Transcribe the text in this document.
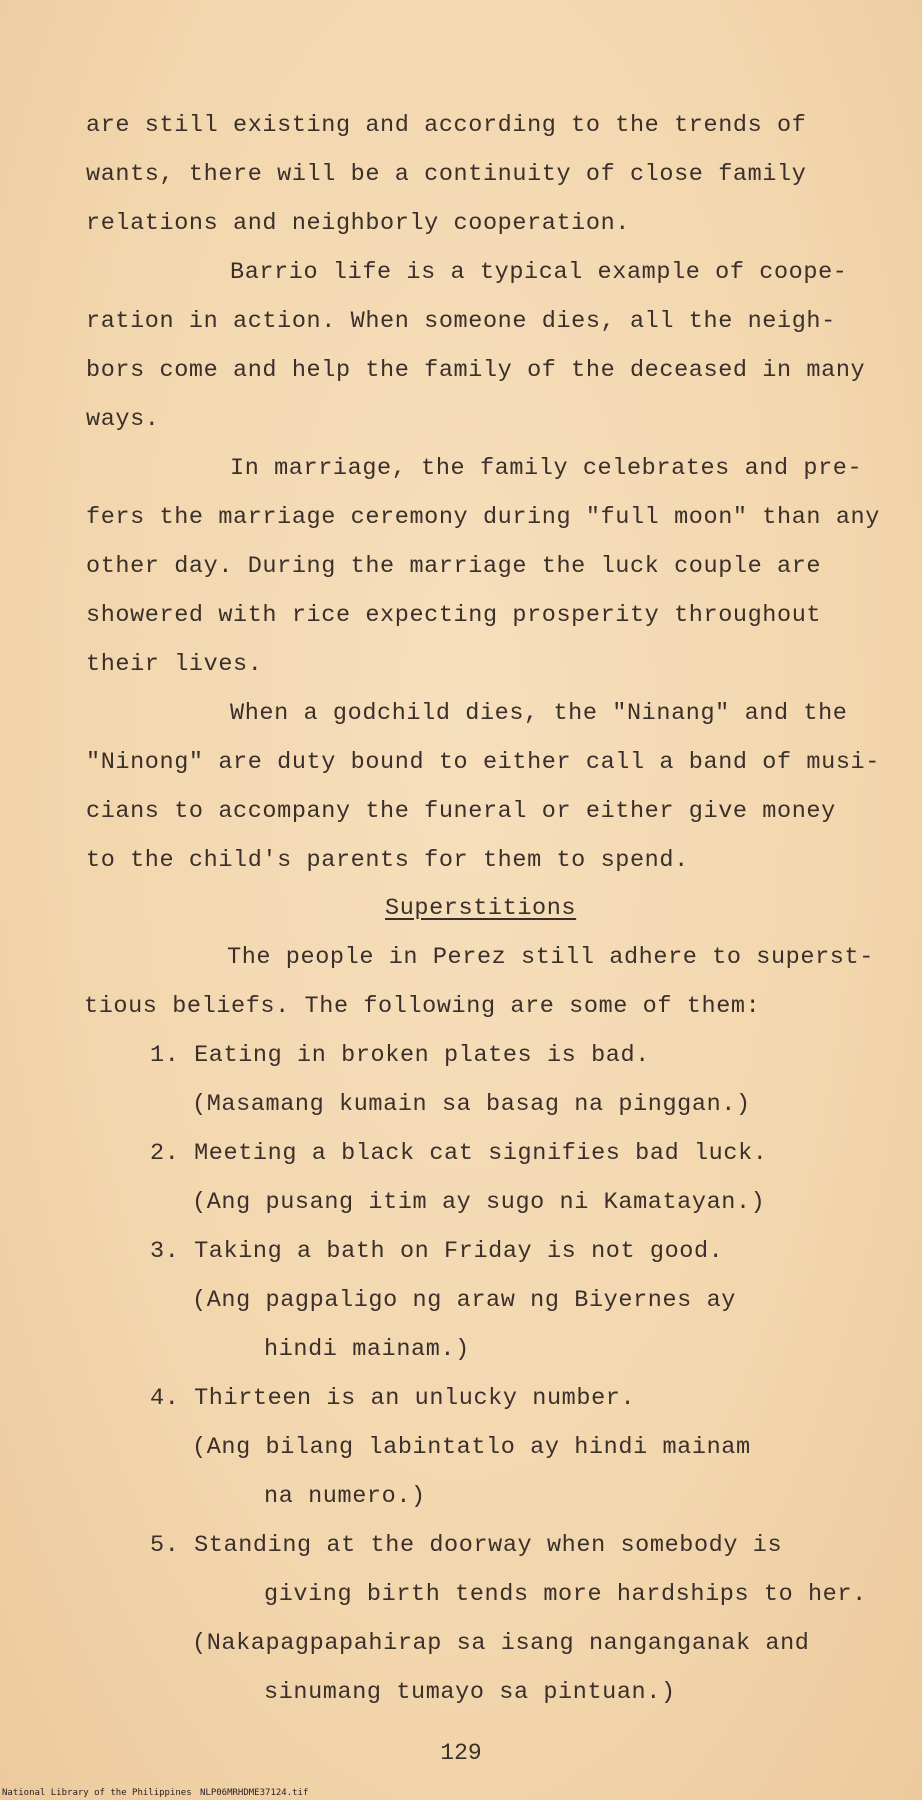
are still existing and according to the trends of
wants, there will be a continuity of close family
relations and neighborly cooperation.
Barrio life is a typical example of coope-
ration in action. When someone dies, all the neigh-
bors come and help the family of the deceased in many
ways.
In marriage, the family celebrates and pre-
fers the marriage ceremony during "full moon" than any
other day. During the marriage the luck couple are
showered with rice expecting prosperity throughout
their lives.
When a godchild dies, the "Ninang" and the
"Ninong" are duty bound to either call a band of musi-
cians to accompany the funeral or either give money
to the child's parents for them to spend.
Superstitions
The people in Perez still adhere to superst-
tious beliefs. The following are some of them:
1. Eating in broken plates is bad.
(Masamang kumain sa basag na pinggan.)
2. Meeting a black cat signifies bad luck.
(Ang pusang itim ay sugo ni Kamatayan.)
3. Taking a bath on Friday is not good.
(Ang pagpaligo ng araw ng Biyernes ay
hindi mainam.)
4. Thirteen is an unlucky number.
(Ang bilang labintatlo ay hindi mainam
na numero.)
5. Standing at the doorway when somebody is
giving birth tends more hardships to her.
(Nakapagpapahirap sa isang nanganganak and
sinumang tumayo sa pintuan.)
129
National Library of the Philippines NLP06MRHDME37124.tif
